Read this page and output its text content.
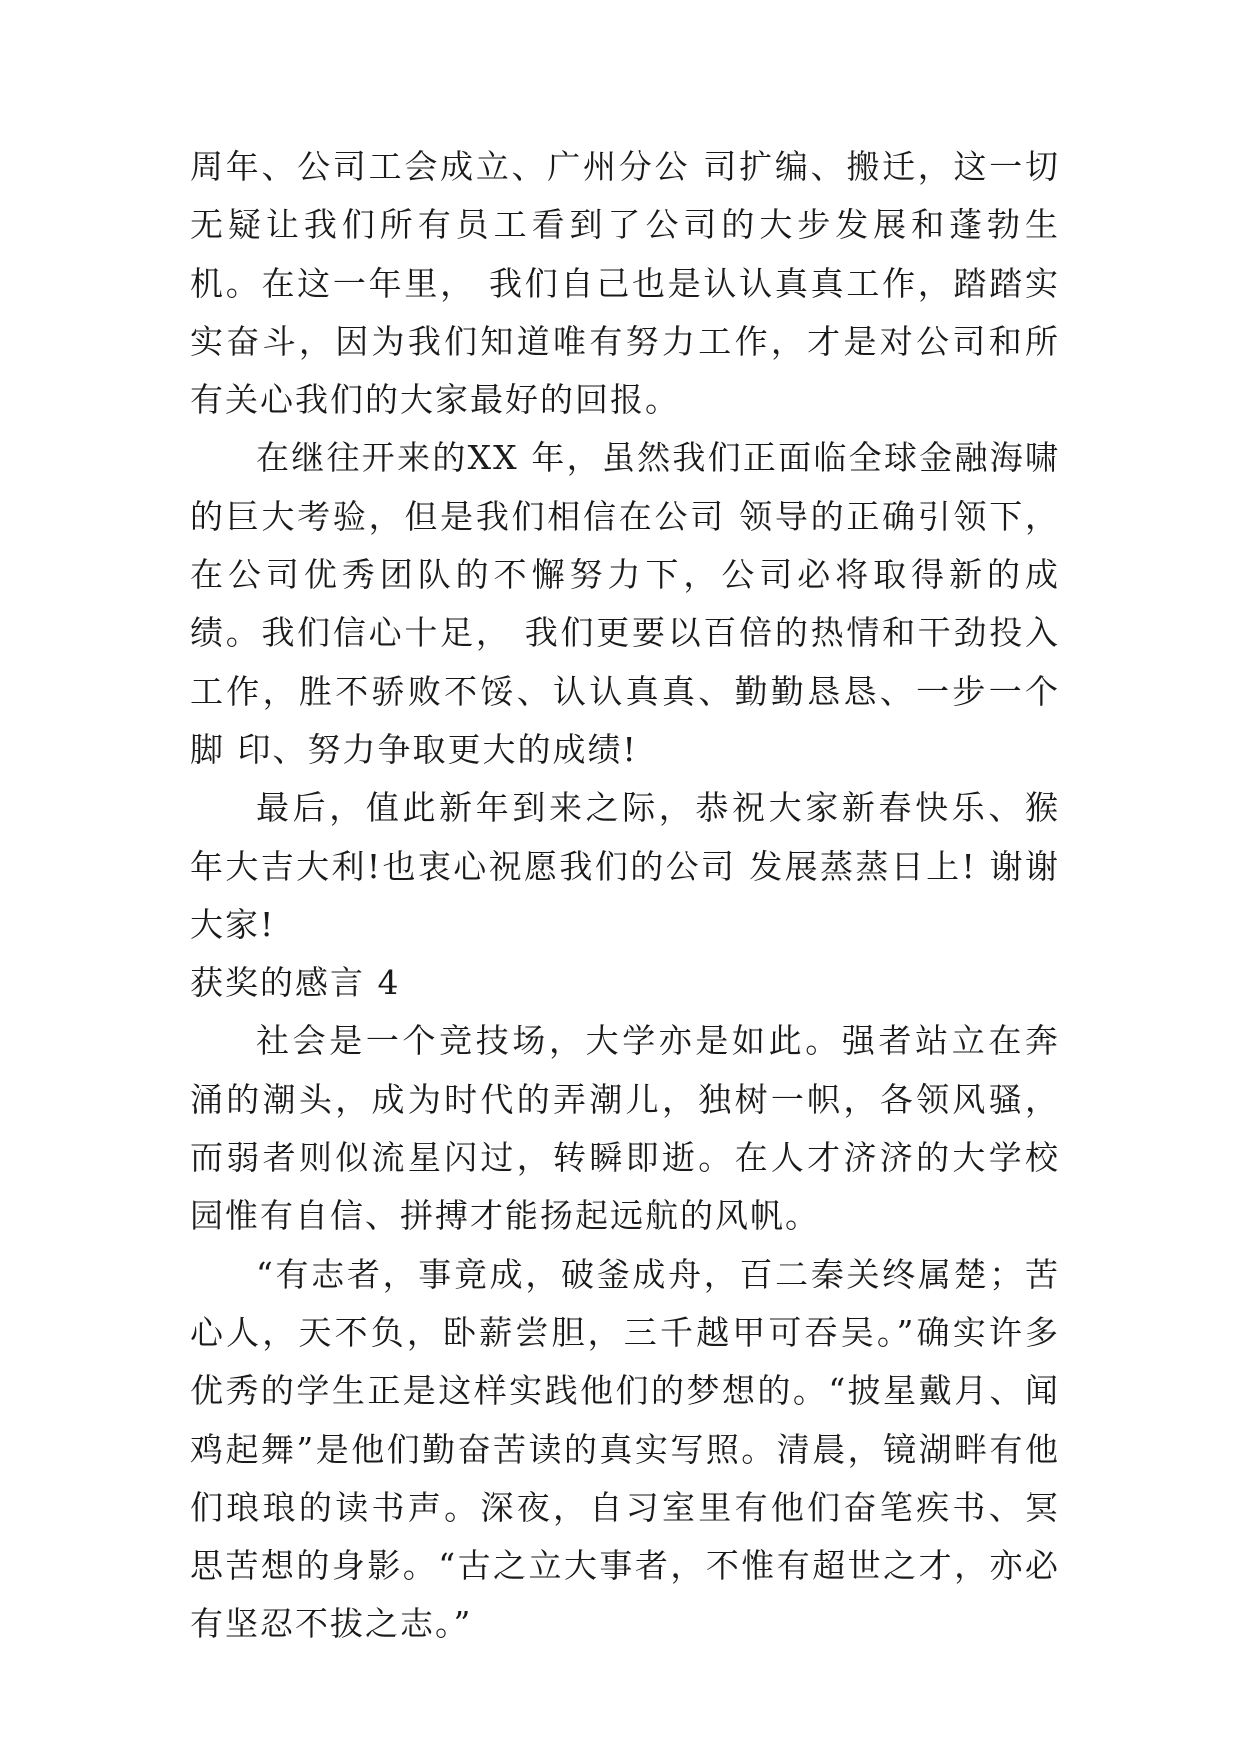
周年、公司工会成立、广州分公 司扩编、搬迁，这一切无疑让我们所有员工看到了公司的大步发展和蓬勃生机。在这一年里， 我们自己也是认认真真工作，踏踏实实奋斗，因为我们知道唯有努力工作，才是对公司和所 有关心我们的大家最好的回报。

在继往开来的XX 年，虽然我们正面临全球金融海啸的巨大考验，但是我们相信在公司 领导的正确引领下，在公司优秀团队的不懈努力下，公司必将取得新的成绩。我们信心十足， 我们更要以百倍的热情和干劲投入工作，胜不骄败不馁、认认真真、勤勤恳恳、一步一个脚 印、努力争取更大的成绩!

最后，值此新年到来之际，恭祝大家新春快乐、猴年大吉大利!也衷心祝愿我们的公司 发展蒸蒸日上! 谢谢大家!

获奖的感言 4

社会是一个竞技场，大学亦是如此。强者站立在奔涌的潮头，成为时代的弄潮儿，独树一帜，各领风骚，而弱者则似流星闪过，转瞬即逝。在人才济济的大学校园惟有自信、拼搏才能扬起远航的风帆。

“有志者，事竟成，破釜成舟，百二秦关终属楚；苦心人，天不负，卧薪尝胆，三千越甲可吞吴。”确实许多优秀的学生正是这样实践他们的梦想的。“披星戴月、闻鸡起舞”是他们勤奋苦读的真实写照。清晨，镜湖畔有他们琅琅的读书声。深夜，自习室里有他们奋笔疾书、冥思苦想的身影。“古之立大事者，不惟有超世之才，亦必有坚忍不拔之志。”
